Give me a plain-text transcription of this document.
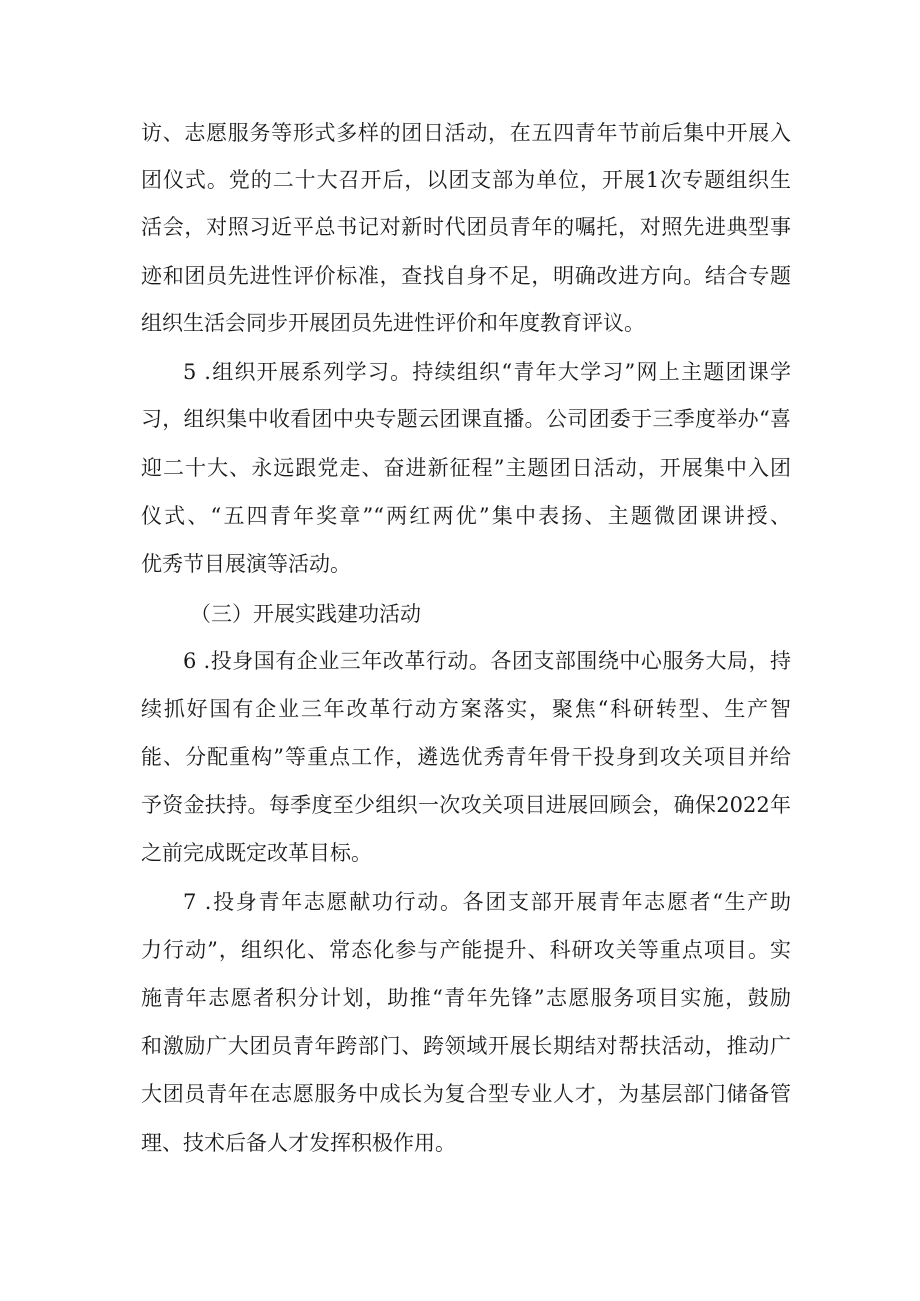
访、志愿服务等形式多样的团日活动，在五四青年节前后集中开展入
团仪式。党的二十大召开后，以团支部为单位，开展1次专题组织生
活会，对照习近平总书记对新时代团员青年的嘱托，对照先进典型事
迹和团员先进性评价标准，查找自身不足，明确改进方向。结合专题
组织生活会同步开展团员先进性评价和年度教育评议。
5 .组织开展系列学习。持续组织“青年大学习”网上主题团课学
习，组织集中收看团中央专题云团课直播。公司团委于三季度举办“喜
迎二十大、永远跟党走、奋进新征程”主题团日活动，开展集中入团
仪式、“五四青年奖章”“两红两优”集中表扬、主题微团课讲授、
优秀节目展演等活动。
（三）开展实践建功活动
6 .投身国有企业三年改革行动。各团支部围绕中心服务大局，持
续抓好国有企业三年改革行动方案落实，聚焦“科研转型、生产智
能、分配重构”等重点工作，遴选优秀青年骨干投身到攻关项目并给
予资金扶持。每季度至少组织一次攻关项目进展回顾会，确保2022年
之前完成既定改革目标。
7 .投身青年志愿献功行动。各团支部开展青年志愿者“生产助
力行动”，组织化、常态化参与产能提升、科研攻关等重点项目。实
施青年志愿者积分计划，助推“青年先锋”志愿服务项目实施，鼓励
和激励广大团员青年跨部门、跨领域开展长期结对帮扶活动，推动广
大团员青年在志愿服务中成长为复合型专业人才，为基层部门储备管
理、技术后备人才发挥积极作用。
